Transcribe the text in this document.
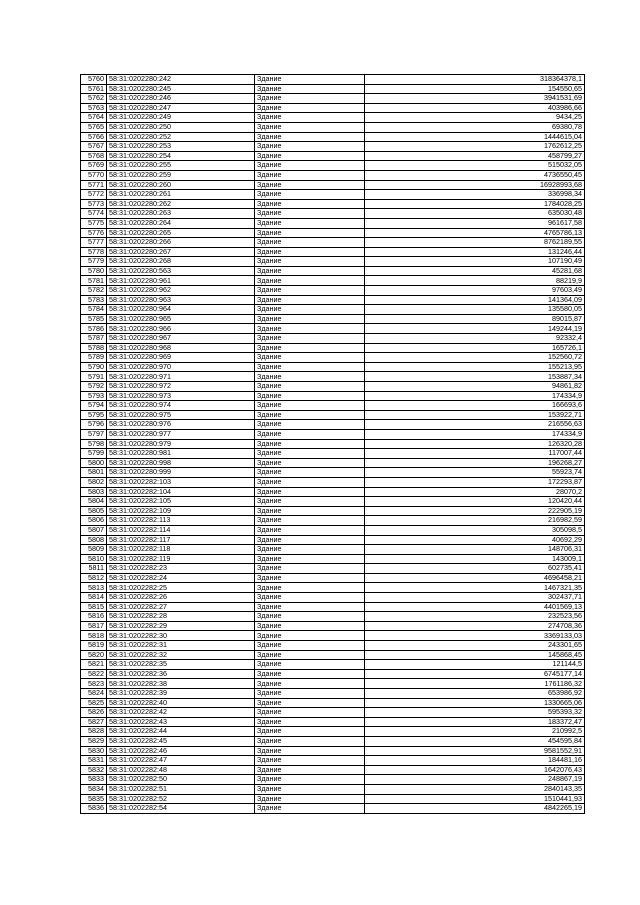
5760	58:31:0202280:242	Здание	318364378,1
5761	58:31:0202280:245	Здание	154550,65
5762	58:31:0202280:246	Здание	3941531,69
5763	58:31:0202280:247	Здание	403986,66
5764	58:31:0202280:249	Здание	9434,25
5765	58:31:0202280:250	Здание	69380,78
5766	58:31:0202280:252	Здание	1444615,04
5767	58:31:0202280:253	Здание	1762612,25
5768	58:31:0202280:254	Здание	458799,27
5769	58:31:0202280:255	Здание	515032,05
5770	58:31:0202280:259	Здание	4736550,45
5771	58:31:0202280:260	Здание	16928993,68
5772	58:31:0202280:261	Здание	336998,34
5773	58:31:0202280:262	Здание	1784028,25
5774	58:31:0202280:263	Здание	635030,48
5775	58:31:0202280:264	Здание	961617,58
5776	58:31:0202280:265	Здание	4765786,13
5777	58:31:0202280:266	Здание	8762189,55
5778	58:31:0202280:267	Здание	131246,44
5779	58:31:0202280:268	Здание	107190,49
5780	58:31:0202280:563	Здание	45281,68
5781	58:31:0202280:961	Здание	88219,9
5782	58:31:0202280:962	Здание	97603,49
5783	58:31:0202280:963	Здание	141364,09
5784	58:31:0202280:964	Здание	135580,05
5785	58:31:0202280:965	Здание	89015,87
5786	58:31:0202280:966	Здание	149244,19
5787	58:31:0202280:967	Здание	92332,4
5788	58:31:0202280:968	Здание	165726,1
5789	58:31:0202280:969	Здание	152560,72
5790	58:31:0202280:970	Здание	155213,95
5791	58:31:0202280:971	Здание	153887,34
5792	58:31:0202280:972	Здание	94861,82
5793	58:31:0202280:973	Здание	174334,9
5794	58:31:0202280:974	Здание	166693,6
5795	58:31:0202280:975	Здание	153922,71
5796	58:31:0202280:976	Здание	216556,63
5797	58:31:0202280:977	Здание	174334,9
5798	58:31:0202280:979	Здание	126320,28
5799	58:31:0202280:981	Здание	117007,44
5800	58:31:0202280:998	Здание	196268,27
5801	58:31:0202280:999	Здание	55923,74
5802	58:31:0202282:103	Здание	172293,87
5803	58:31:0202282:104	Здание	28070,2
5804	58:31:0202282:105	Здание	120420,44
5805	58:31:0202282:109	Здание	222905,19
5806	58:31:0202282:113	Здание	216982,59
5807	58:31:0202282:114	Здание	305098,5
5808	58:31:0202282:117	Здание	40692,29
5809	58:31:0202282:118	Здание	148706,31
5810	58:31:0202282:119	Здание	143009,1
5811	58:31:0202282:23	Здание	602735,41
5812	58:31:0202282:24	Здание	4696458,21
5813	58:31:0202282:25	Здание	1467321,35
5814	58:31:0202282:26	Здание	302437,71
5815	58:31:0202282:27	Здание	4401569,13
5816	58:31:0202282:28	Здание	232523,56
5817	58:31:0202282:29	Здание	274708,36
5818	58:31:0202282:30	Здание	3369133,03
5819	58:31:0202282:31	Здание	243301,65
5820	58:31:0202282:32	Здание	145868,45
5821	58:31:0202282:35	Здание	121144,5
5822	58:31:0202282:36	Здание	6745177,14
5823	58:31:0202282:38	Здание	1761186,32
5824	58:31:0202282:39	Здание	653986,92
5825	58:31:0202282:40	Здание	1330665,06
5826	58:31:0202282:42	Здание	595393,32
5827	58:31:0202282:43	Здание	183372,47
5828	58:31:0202282:44	Здание	210992,5
5829	58:31:0202282:45	Здание	454595,84
5830	58:31:0202282:46	Здание	9581552,91
5831	58:31:0202282:47	Здание	184481,16
5832	58:31:0202282:48	Здание	1642076,43
5833	58:31:0202282:50	Здание	248867,19
5834	58:31:0202282:51	Здание	2840143,35
5835	58:31:0202282:52	Здание	1510441,93
5836	58:31:0202282:54	Здание	4842265,19
